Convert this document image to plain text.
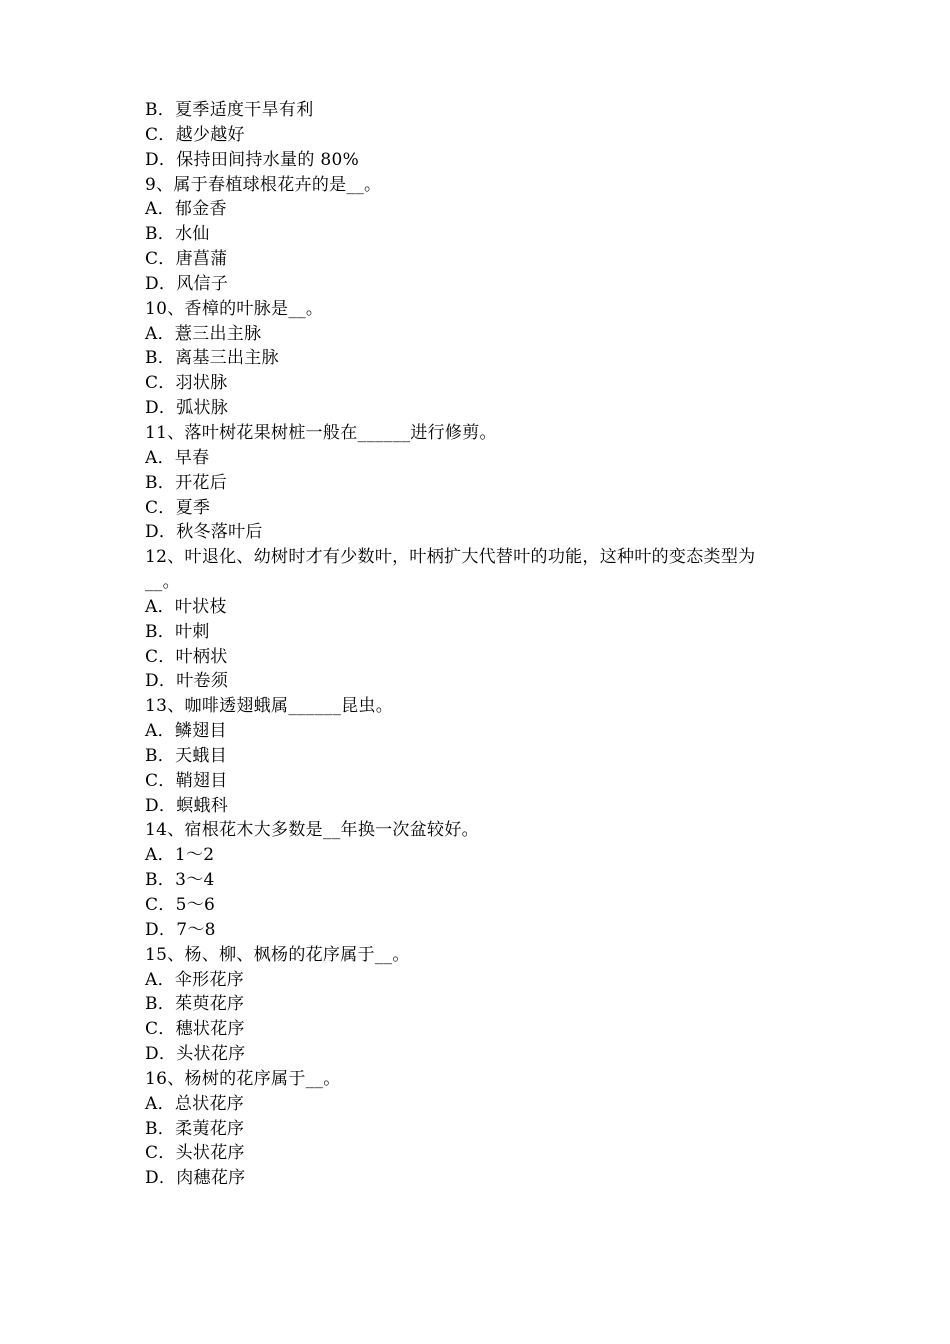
B．夏季适度干旱有利
C．越少越好
D．保持田间持水量的 80%
9、属于春植球根花卉的是__。
A．郁金香
B．水仙
C．唐菖蒲
D．风信子
10、香樟的叶脉是__。
A．薏三出主脉
B．离基三出主脉
C．羽状脉
D．弧状脉
11、落叶树花果树桩一般在______进行修剪。
A．早春
B．开花后
C．夏季
D．秋冬落叶后
12、叶退化、幼树时才有少数叶，叶柄扩大代替叶的功能，这种叶的变态类型为
__。
A．叶状枝
B．叶刺
C．叶柄状
D．叶卷须
13、咖啡透翅蛾属______昆虫。
A．鳞翅目
B．天蛾目
C．鞘翅目
D．螟蛾科
14、宿根花木大多数是__年换一次盆较好。
A．1～2
B．3～4
C．5～6
D．7～8
15、杨、柳、枫杨的花序属于__。
A．伞形花序
B．茱萸花序
C．穗状花序
D．头状花序
16、杨树的花序属于__。
A．总状花序
B．柔荑花序
C．头状花序
D．肉穗花序
